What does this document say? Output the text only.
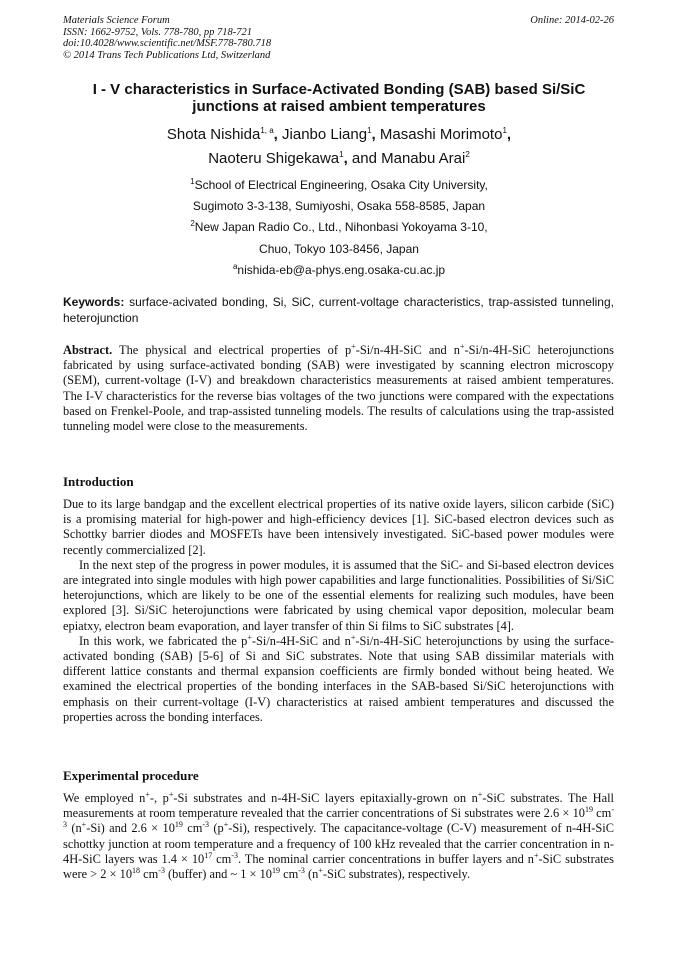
Materials Science Forum	Online: 2014-02-26
ISSN: 1662-9752, Vols. 778-780, pp 718-721
doi:10.4028/www.scientific.net/MSF.778-780.718
© 2014 Trans Tech Publications Ltd, Switzerland
I - V characteristics in Surface-Activated Bonding (SAB) based Si/SiC
junctions at raised ambient temperatures
Shota Nishida$^{1, a}$, Jianbo Liang$^1$, Masashi Morimoto$^1$,
Naoteru Shigekawa$^1$, and Manabu Arai$^2$
$^1$School of Electrical Engineering, Osaka City University,
Sugimoto 3-3-138, Sumiyoshi, Osaka 558-8585, Japan
$^2$New Japan Radio Co., Ltd., Nihonbasi Yokoyama 3-10,
Chuo, Tokyo 103-8456, Japan
$^a$nishida-eb@a-phys.eng.osaka-cu.ac.jp
Keywords: surface-acivated bonding, Si, SiC, current-voltage characteristics, trap-assisted tunneling, heterojunction

Abstract. The physical and electrical properties of p+-Si/n-4H-SiC and n+-Si/n-4H-SiC heterojunctions fabricated by using surface-activated bonding (SAB) were investigated by scanning electron microscopy (SEM), current-voltage (I-V) and breakdown characteristics measurements at raised ambient temperatures. The I-V characteristics for the reverse bias voltages of the two junctions were compared with the expectations based on Frenkel-Poole, and trap-assisted tunneling models. The results of calculations using the trap-assisted tunneling model were close to the measurements.

Introduction

Due to its large bandgap and the excellent electrical properties of its native oxide layers, silicon carbide (SiC) is a promising material for high-power and high-efficiency devices [1]. SiC-based electron devices such as Schottky barrier diodes and MOSFETs have been intensively investigated. SiC-based power modules were recently commercialized [2].

In the next step of the progress in power modules, it is assumed that the SiC- and Si-based electron devices are integrated into single modules with high power capabilities and large functionalities. Possibilities of Si/SiC heterojunctions, which are likely to be one of the essential elements for realizing such modules, have been explored [3]. Si/SiC heterojunctions were fabricated by using chemical vapor deposition, molecular beam epiatxy, electron beam evaporation, and layer transfer of thin Si films to SiC substrates [4].

In this work, we fabricated the p+-Si/n-4H-SiC and n+-Si/n-4H-SiC heterojunctions by using the surface-activated bonding (SAB) [5-6] of Si and SiC substrates. Note that using SAB dissimilar materials with different lattice constants and thermal expansion coefficients are firmly bonded without being heated. We examined the electrical properties of the bonding interfaces in the SAB-based Si/SiC heterojunctions with emphasis on their current-voltage (I-V) characteristics at raised ambient temperatures and discussed the properties across the bonding interfaces.

Experimental procedure

We employed n+-, p+-Si substrates and n-4H-SiC layers epitaxially-grown on n+-SiC substrates. The Hall measurements at room temperature revealed that the carrier concentrations of Si substrates were $2.6 \times 10^{19}$ $cm^{-3}$ (n+-Si) and $2.6 \times 10^{19}$ $cm^{-3}$ (p+-Si), respectively. The capacitance-voltage (C-V) measurement of n-4H-SiC schottky junction at room temperature and a frequency of 100 kHz revealed that the carrier concentration in n-4H-SiC layers was $1.4 \times 10^{17}$ $cm^{-3}$. The nominal carrier concentrations in buffer layers and n+-SiC substrates were > $2 \times 10^{18}$ $cm^{-3}$ (buffer) and ~ $1 \times 10^{19}$ $cm^{-3}$ (n+-SiC substrates), respectively.
